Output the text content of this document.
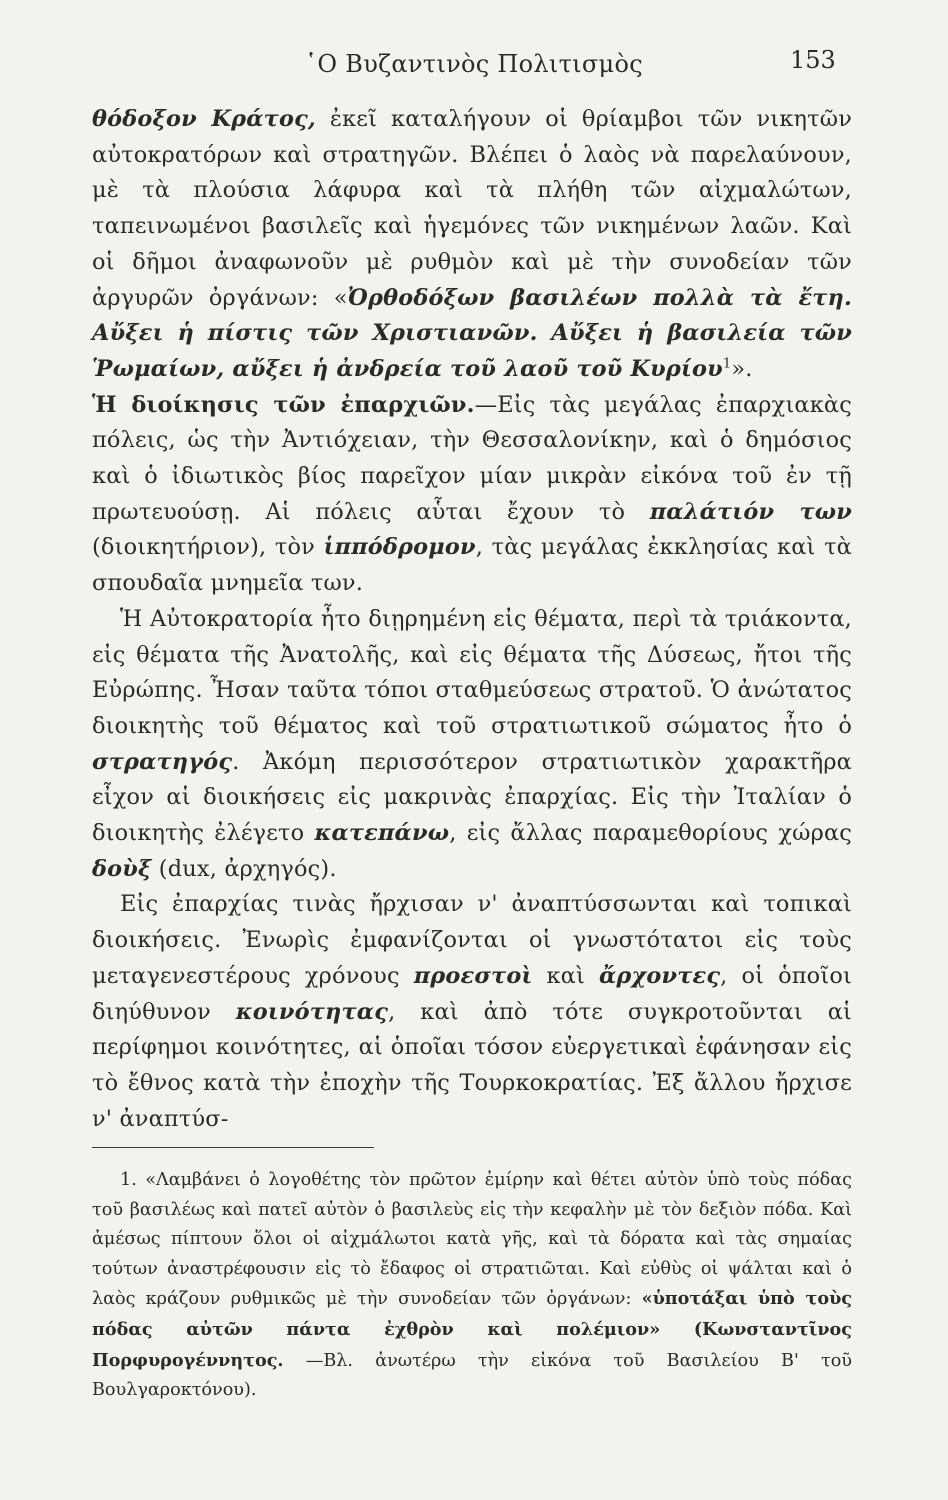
῾Ο Βυζαντινὸς Πολιτισμὸς	153

θόδοξον Κράτος, ἐκεῖ καταλήγουν οἱ θρίαμβοι τῶν νικητῶν αὐτοκρατόρων καὶ στρατηγῶν. Βλέπει ὁ λαὸς νὰ παρελαύνουν, μὲ τὰ πλούσια λάφυρα καὶ τὰ πλήθη τῶν αἰχμαλώτων, ταπεινωμένοι βασιλεῖς καὶ ἡγεμόνες τῶν νικημένων λαῶν. Καὶ οἱ δῆμοι ἀναφωνοῦν μὲ ρυθμὸν καὶ μὲ τὴν συνοδείαν τῶν ἀργυρῶν ὀργάνων: «Ὀρθοδόξων βασιλέων πολλὰ τὰ ἔτη. Αὔξει ἡ πίστις τῶν Χριστιανῶν. Αὔξει ἡ βασιλεία τῶν Ῥωμαίων, αὔξει ἡ ἀνδρεία τοῦ λαοῦ τοῦ Κυρίου$^1$».
Ἡ διοίκησις τῶν ἐπαρχιῶν.—Εἰς τὰς μεγάλας ἐπαρχιακὰς πόλεις, ὡς τὴν Ἀντιόχειαν, τὴν Θεσσαλονίκην, καὶ ὁ δημόσιος καὶ ὁ ἰδιωτικὸς βίος παρεῖχον μίαν μικρὰν εἰκόνα τοῦ ἐν τῇ πρωτευούσῃ. Αἱ πόλεις αὗται ἔχουν τὸ παλάτιόν των (διοικητήριον), τὸν ἱππόδρομον, τὰς μεγάλας ἐκκλησίας καὶ τὰ σπουδαῖα μνημεῖα των.

Ἡ Αὐτοκρατορία ἦτο διῃρημένη εἰς θέματα, περὶ τὰ τριάκοντα, εἰς θέματα τῆς Ἀνατολῆς, καὶ εἰς θέματα τῆς Δύσεως, ἤτοι τῆς Εὐρώπης. Ἦσαν ταῦτα τόποι σταθμεύσεως στρατοῦ. Ὁ ἀνώτατος διοικητὴς τοῦ θέματος καὶ τοῦ στρατιωτικοῦ σώματος ἦτο ὁ στρατηγός. Ἀκόμη περισσότερον στρατιωτικὸν χαρακτῆρα εἶχον αἱ διοικήσεις εἰς μακρινὰς ἐπαρχίας. Εἰς τὴν Ἰταλίαν ὁ διοικητὴς ἐλέγετο κατεπάνω, εἰς ἄλλας παραμεθορίους χώρας δοὺξ (dux, ἀρχηγός).

Εἰς ἐπαρχίας τινὰς ἤρχισαν ν' ἀναπτύσσωνται καὶ τοπικαὶ διοικήσεις. Ἐνωρὶς ἐμφανίζονται οἱ γνωστότατοι εἰς τοὺς μεταγενεστέρους χρόνους προεστοὶ καὶ ἄρχοντες, οἱ ὁποῖοι διηύθυνον κοινότητας, καὶ ἀπὸ τότε συγκροτοῦνται αἱ περίφημοι κοινότητες, αἱ ὁποῖαι τόσον εὐεργετικαὶ ἐφάνησαν εἰς τὸ ἔθνος κατὰ τὴν ἐποχὴν τῆς Τουρκοκρατίας. Ἐξ ἄλλου ἤρχισε ν' ἀναπτύσ-

1. «Λαμβάνει ὁ λογοθέτης τὸν πρῶτον ἐμίρην καὶ θέτει αὐτὸν ὑπὸ τοὺς πόδας τοῦ βασιλέως καὶ πατεῖ αὐτὸν ὁ βασιλεὺς εἰς τὴν κεφαλὴν μὲ τὸν δεξιὸν πόδα. Καὶ ἀμέσως πίπτουν ὅλοι οἱ αἰχμάλωτοι κατὰ γῆς, καὶ τὰ δόρατα καὶ τὰς σημαίας τούτων ἀναστρέφουσιν εἰς τὸ ἔδαφος οἱ στρατιῶται. Καὶ εὐθὺς οἱ ψάλται καὶ ὁ λαὸς κράζουν ρυθμικῶς μὲ τὴν συνοδείαν τῶν ὀργάνων: «ὑποτάξαι ὑπὸ τοὺς πόδας αὐτῶν πάντα ἐχθρὸν καὶ πολέμιον» (Κωνσταντῖνος Πορφυρογέννητος. —Βλ. ἀνωτέρω τὴν εἰκόνα τοῦ Βασιλείου Β' τοῦ Βουλγαροκτόνου).
